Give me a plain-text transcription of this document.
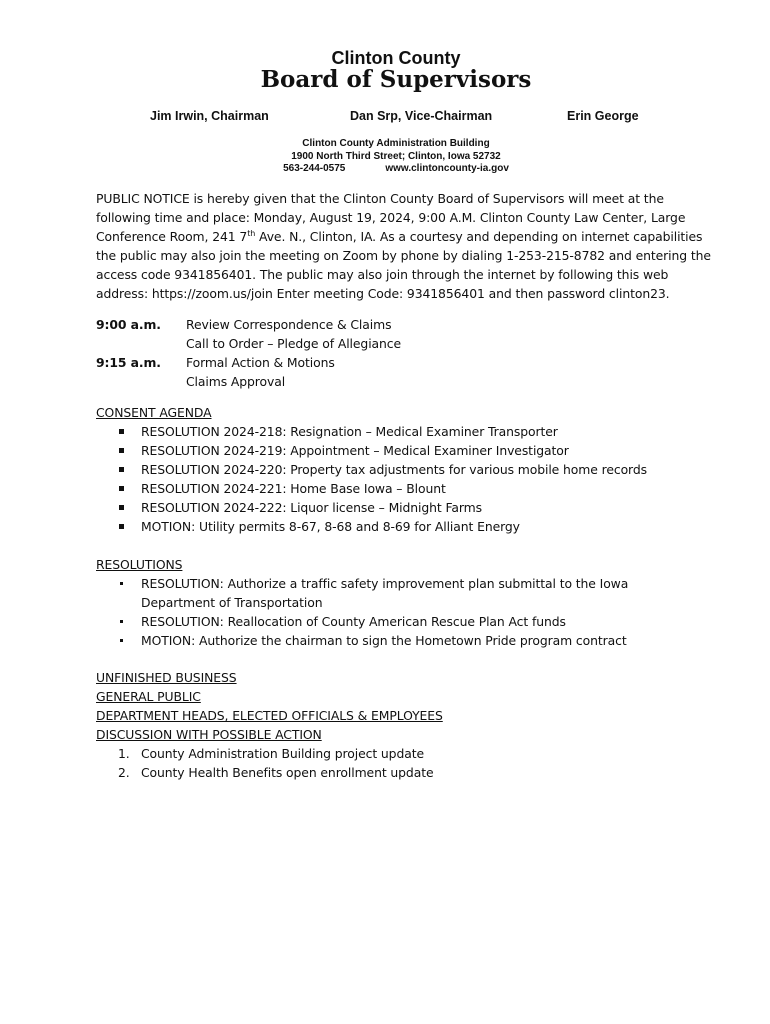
Clinton County
Board of Supervisors
Jim Irwin, Chairman	Dan Srp, Vice-Chairman	Erin George
Clinton County Administration Building
1900 North Third Street; Clinton, Iowa 52732
563-244-0575	www.clintoncounty-ia.gov
PUBLIC NOTICE is hereby given that the Clinton County Board of Supervisors will meet at the
following time and place: Monday, August 19, 2024, 9:00 A.M. Clinton County Law Center, Large
Conference Room, 241 7th Ave. N., Clinton, IA. As a courtesy and depending on internet capabilities
the public may also join the meeting on Zoom by phone by dialing 1-253-215-8782 and entering the
access code 9341856401. The public may also join through the internet by following this web
address: https://zoom.us/join Enter meeting Code: 9341856401 and then password clinton23.
9:00 a.m. Review Correspondence & Claims
Call to Order – Pledge of Allegiance
9:15 a.m. Formal Action & Motions
Claims Approval
CONSENT AGENDA
RESOLUTION 2024-218: Resignation – Medical Examiner Transporter
RESOLUTION 2024-219: Appointment – Medical Examiner Investigator
RESOLUTION 2024-220: Property tax adjustments for various mobile home records
RESOLUTION 2024-221: Home Base Iowa – Blount
RESOLUTION 2024-222: Liquor license – Midnight Farms
MOTION: Utility permits 8-67, 8-68 and 8-69 for Alliant Energy
RESOLUTIONS
RESOLUTION: Authorize a traffic safety improvement plan submittal to the Iowa
Department of Transportation
RESOLUTION: Reallocation of County American Rescue Plan Act funds
MOTION: Authorize the chairman to sign the Hometown Pride program contract
UNFINISHED BUSINESS
GENERAL PUBLIC
DEPARTMENT HEADS, ELECTED OFFICIALS & EMPLOYEES
DISCUSSION WITH POSSIBLE ACTION
1. County Administration Building project update
2. County Health Benefits open enrollment update
